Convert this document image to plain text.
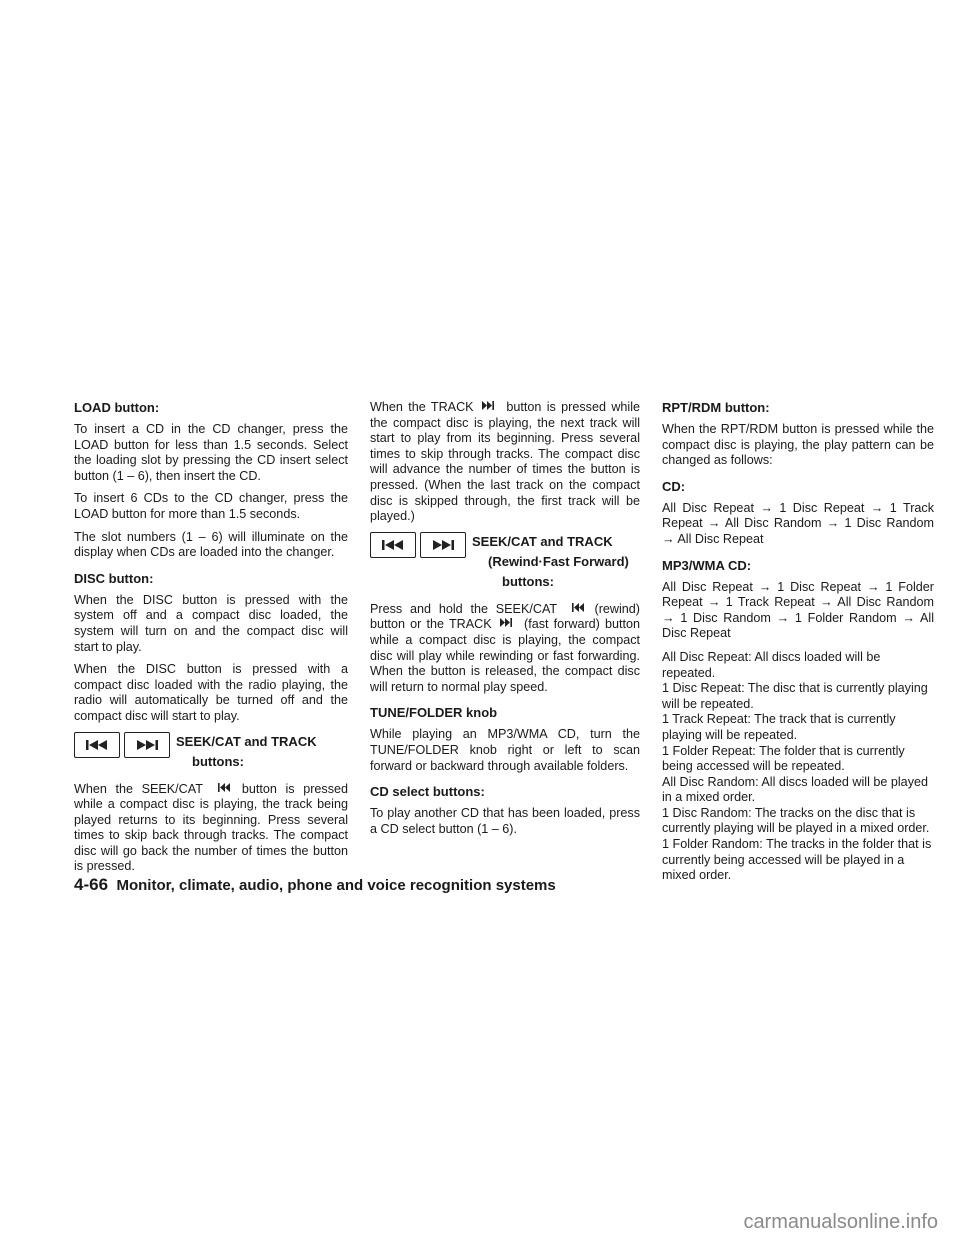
LOAD button:

To insert a CD in the CD changer, press the LOAD button for less than 1.5 seconds. Select the loading slot by pressing the CD insert select button (1 – 6), then insert the CD.

To insert 6 CDs to the CD changer, press the LOAD button for more than 1.5 seconds.

The slot numbers (1 – 6) will illuminate on the display when CDs are loaded into the changer.

DISC button:

When the DISC button is pressed with the system off and a compact disc loaded, the system will turn on and the compact disc will start to play.

When the DISC button is pressed with a compact disc loaded with the radio playing, the radio will automatically be turned off and the compact disc will start to play.

SEEK/CAT and TRACK
buttons:

When the SEEK/CAT	button is pressed while a compact disc is playing, the track being played returns to its beginning. Press several times to skip back through tracks. The compact disc will go back the number of times the button is pressed.

When the TRACK	button is pressed while the compact disc is playing, the next track will start to play from its beginning. Press several times to skip through tracks. The compact disc will advance the number of times the button is pressed. (When the last track on the compact disc is skipped through, the first track will be played.)

SEEK/CAT and TRACK
(Rewind·Fast Forward)
buttons:

Press and hold the SEEK/CAT	(rewind) button or the TRACK	(fast forward) button while a compact disc is playing, the compact disc will play while rewinding or fast forwarding. When the button is released, the compact disc will return to normal play speed.

TUNE/FOLDER knob

While playing an MP3/WMA CD, turn the TUNE/FOLDER knob right or left to scan forward or backward through available folders.

CD select buttons:

To play another CD that has been loaded, press a CD select button (1 – 6).

RPT/RDM button:

When the RPT/RDM button is pressed while the compact disc is playing, the play pattern can be changed as follows:

CD:

All Disc Repeat → 1 Disc Repeat → 1 Track Repeat → All Disc Random → 1 Disc Random → All Disc Repeat

MP3/WMA CD:

All Disc Repeat → 1 Disc Repeat → 1 Folder Repeat → 1 Track Repeat → All Disc Random → 1 Disc Random → 1 Folder Random → All Disc Repeat

All Disc Repeat: All discs loaded will be repeated.

1 Disc Repeat: The disc that is currently playing will be repeated.

1 Track Repeat: The track that is currently playing will be repeated.

1 Folder Repeat: The folder that is currently being accessed will be repeated.

All Disc Random: All discs loaded will be played in a mixed order.

1 Disc Random: The tracks on the disc that is currently playing will be played in a mixed order.

1 Folder Random: The tracks in the folder that is currently being accessed will be played in a mixed order.

4-66 Monitor, climate, audio, phone and voice recognition systems
carmanualsonline.info
